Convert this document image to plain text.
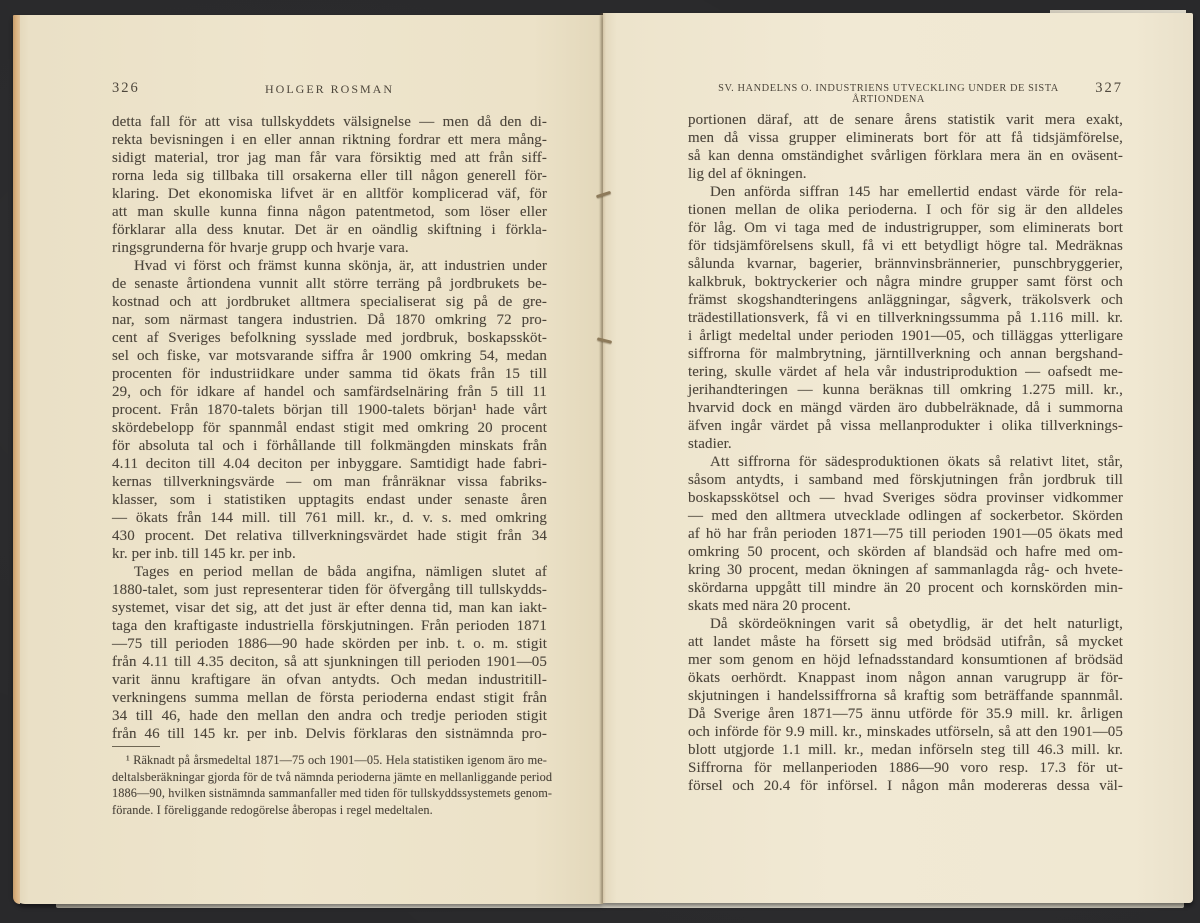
326	HOLGER ROSMAN
detta fall för att visa tullskyddets välsignelse — men då den di-
rekta bevisningen i en eller annan riktning fordrar ett mera mång-
sidigt material, tror jag man får vara försiktig med att från siff-
rorna leda sig tillbaka till orsakerna eller till någon generell för-
klaring. Det ekonomiska lifvet är en alltför komplicerad väf, för
att man skulle kunna finna någon patentmetod, som löser eller
förklarar alla dess knutar. Det är en oändlig skiftning i förkla-
ringsgrunderna för hvarje grupp och hvarje vara.
Hvad vi först och främst kunna skönja, är, att industrien under
de senaste årtiondena vunnit allt större terräng på jordbrukets be-
kostnad och att jordbruket alltmera specialiserat sig på de gre-
nar, som närmast tangera industrien. Då 1870 omkring 72 pro-
cent af Sveriges befolkning sysslade med jordbruk, boskapssköt-
sel och fiske, var motsvarande siffra år 1900 omkring 54, medan
procenten för industriidkare under samma tid ökats från 15 till
29, och för idkare af handel och samfärdselnäring från 5 till 11
procent. Från 1870-talets början till 1900-talets början¹ hade vårt
skördebelopp för spannmål endast stigit med omkring 20 procent
för absoluta tal och i förhållande till folkmängden minskats från
4.11 deciton till 4.04 deciton per inbyggare. Samtidigt hade fabri-
kernas tillverkningsvärde — om man frånräknar vissa fabriks-
klasser, som i statistiken upptagits endast under senaste åren
— ökats från 144 mill. till 761 mill. kr., d. v. s. med omkring
430 procent. Det relativa tillverkningsvärdet hade stigit från 34
kr. per inb. till 145 kr. per inb.
Tages en period mellan de båda angifna, nämligen slutet af
1880-talet, som just representerar tiden för öfvergång till tullskydds-
systemet, visar det sig, att det just är efter denna tid, man kan iakt-
taga den kraftigaste industriella förskjutningen. Från perioden 1871
—75 till perioden 1886—90 hade skörden per inb. t. o. m. stigit
från 4.11 till 4.35 deciton, så att sjunkningen till perioden 1901—05
varit ännu kraftigare än ofvan antydts. Och medan industritill-
verkningens summa mellan de första perioderna endast stigit från
34 till 46, hade den mellan den andra och tredje perioden stigit
från 46 till 145 kr. per inb. Delvis förklaras den sistnämnda pro-
¹ Räknadt på årsmedeltal 1871—75 och 1901—05. Hela statistiken igenom äro me-
deltalsberäkningar gjorda för de två nämnda perioderna jämte en mellanliggande period
1886—90, hvilken sistnämnda sammanfaller med tiden för tullskyddssystemets genom-
förande. I föreliggande redogörelse åberopas i regel medeltalen.
SV. HANDELNS O. INDUSTRIENS UTVECKLING UNDER DE SISTA ÅRTIONDENA
327
portionen däraf, att de senare årens statistik varit mera exakt,
men då vissa grupper eliminerats bort för att få tidsjämförelse,
så kan denna omständighet svårligen förklara mera än en oväsent-
lig del af ökningen.
Den anförda siffran 145 har emellertid endast värde för rela-
tionen mellan de olika perioderna. I och för sig är den alldeles
för låg. Om vi taga med de industrigrupper, som eliminerats bort
för tidsjämförelsens skull, få vi ett betydligt högre tal. Medräknas
sålunda kvarnar, bagerier, brännvinsbrännerier, punschbryggerier,
kalkbruk, boktryckerier och några mindre grupper samt först och
främst skogshandteringens anläggningar, sågverk, träkolsverk och
trädestillationsverk, få vi en tillverkningssumma på 1.116 mill. kr.
i årligt medeltal under perioden 1901—05, och tilläggas ytterligare
siffrorna för malmbrytning, järntillverkning och annan bergshand-
tering, skulle värdet af hela vår industriproduktion — oafsedt me-
jerihandteringen — kunna beräknas till omkring 1.275 mill. kr.,
hvarvid dock en mängd värden äro dubbelräknade, då i summorna
äfven ingår värdet på vissa mellanprodukter i olika tillverknings-
stadier.
Att siffrorna för sädesproduktionen ökats så relativt litet, står,
såsom antydts, i samband med förskjutningen från jordbruk till
boskapsskötsel och — hvad Sveriges södra provinser vidkommer
— med den alltmera utvecklade odlingen af sockerbetor. Skörden
af hö har från perioden 1871—75 till perioden 1901—05 ökats med
omkring 50 procent, och skörden af blandsäd och hafre med om-
kring 30 procent, medan ökningen af sammanlagda råg- och hvete-
skördarna uppgått till mindre än 20 procent och kornskörden min-
skats med nära 20 procent.
Då skördeökningen varit så obetydlig, är det helt naturligt,
att landet måste ha försett sig med brödsäd utifrån, så mycket
mer som genom en höjd lefnadsstandard konsumtionen af brödsäd
ökats oerhördt. Knappast inom någon annan varugrupp är för-
skjutningen i handelssiffrorna så kraftig som beträffande spannmål.
Då Sverige åren 1871—75 ännu utförde för 35.9 mill. kr. årligen
och införde för 9.9 mill. kr., minskades utförseln, så att den 1901—05
blott utgjorde 1.1 mill. kr., medan införseln steg till 46.3 mill. kr.
Siffrorna för mellanperioden 1886—90 voro resp. 17.3 för ut-
försel och 20.4 för införsel. I någon mån modereras dessa väl-
